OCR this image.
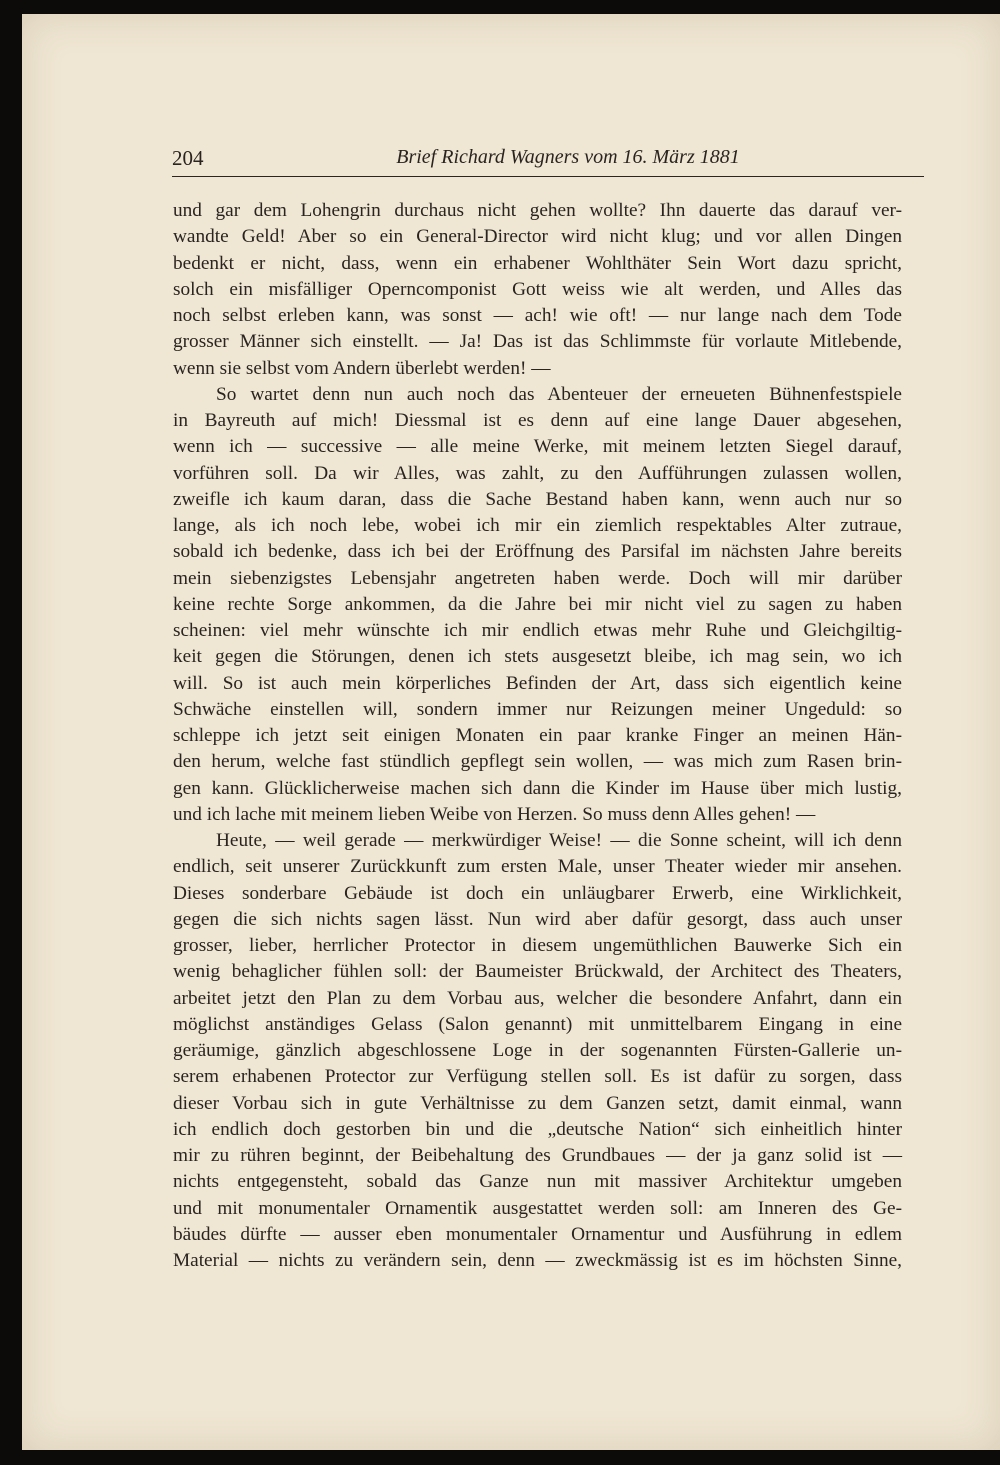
204	Brief Richard Wagners vom 16. März 1881
und gar dem Lohengrin durchaus nicht gehen wollte? Ihn dauerte das darauf ver-
wandte Geld! Aber so ein General-Director wird nicht klug; und vor allen Dingen
bedenkt er nicht, dass, wenn ein erhabener Wohlthäter Sein Wort dazu spricht,
solch ein misfälliger Operncomponist Gott weiss wie alt werden, und Alles das
noch selbst erleben kann, was sonst — ach! wie oft! — nur lange nach dem Tode
grosser Männer sich einstellt. — Ja! Das ist das Schlimmste für vorlaute Mitlebende,
wenn sie selbst vom Andern überlebt werden! —
So wartet denn nun auch noch das Abenteuer der erneueten Bühnenfestspiele
in Bayreuth auf mich! Diessmal ist es denn auf eine lange Dauer abgesehen,
wenn ich — successive — alle meine Werke, mit meinem letzten Siegel darauf,
vorführen soll. Da wir Alles, was zahlt, zu den Aufführungen zulassen wollen,
zweifle ich kaum daran, dass die Sache Bestand haben kann, wenn auch nur so
lange, als ich noch lebe, wobei ich mir ein ziemlich respektables Alter zutraue,
sobald ich bedenke, dass ich bei der Eröffnung des Parsifal im nächsten Jahre bereits
mein siebenzigstes Lebensjahr angetreten haben werde. Doch will mir darüber
keine rechte Sorge ankommen, da die Jahre bei mir nicht viel zu sagen zu haben
scheinen: viel mehr wünschte ich mir endlich etwas mehr Ruhe und Gleichgiltig-
keit gegen die Störungen, denen ich stets ausgesetzt bleibe, ich mag sein, wo ich
will. So ist auch mein körperliches Befinden der Art, dass sich eigentlich keine
Schwäche einstellen will, sondern immer nur Reizungen meiner Ungeduld: so
schleppe ich jetzt seit einigen Monaten ein paar kranke Finger an meinen Hän-
den herum, welche fast stündlich gepflegt sein wollen, — was mich zum Rasen brin-
gen kann. Glücklicherweise machen sich dann die Kinder im Hause über mich lustig,
und ich lache mit meinem lieben Weibe von Herzen. So muss denn Alles gehen! —
Heute, — weil gerade — merkwürdiger Weise! — die Sonne scheint, will ich denn
endlich, seit unserer Zurückkunft zum ersten Male, unser Theater wieder mir ansehen.
Dieses sonderbare Gebäude ist doch ein unläugbarer Erwerb, eine Wirklichkeit,
gegen die sich nichts sagen lässt. Nun wird aber dafür gesorgt, dass auch unser
grosser, lieber, herrlicher Protector in diesem ungemüthlichen Bauwerke Sich ein
wenig behaglicher fühlen soll: der Baumeister Brückwald, der Architect des Theaters,
arbeitet jetzt den Plan zu dem Vorbau aus, welcher die besondere Anfahrt, dann ein
möglichst anständiges Gelass (Salon genannt) mit unmittelbarem Eingang in eine
geräumige, gänzlich abgeschlossene Loge in der sogenannten Fürsten-Gallerie un-
serem erhabenen Protector zur Verfügung stellen soll. Es ist dafür zu sorgen, dass
dieser Vorbau sich in gute Verhältnisse zu dem Ganzen setzt, damit einmal, wann
ich endlich doch gestorben bin und die „deutsche Nation“ sich einheitlich hinter
mir zu rühren beginnt, der Beibehaltung des Grundbaues — der ja ganz solid ist —
nichts entgegensteht, sobald das Ganze nun mit massiver Architektur umgeben
und mit monumentaler Ornamentik ausgestattet werden soll: am Inneren des Ge-
bäudes dürfte — ausser eben monumentaler Ornamentur und Ausführung in edlem
Material — nichts zu verändern sein, denn — zweckmässig ist es im höchsten Sinne,
